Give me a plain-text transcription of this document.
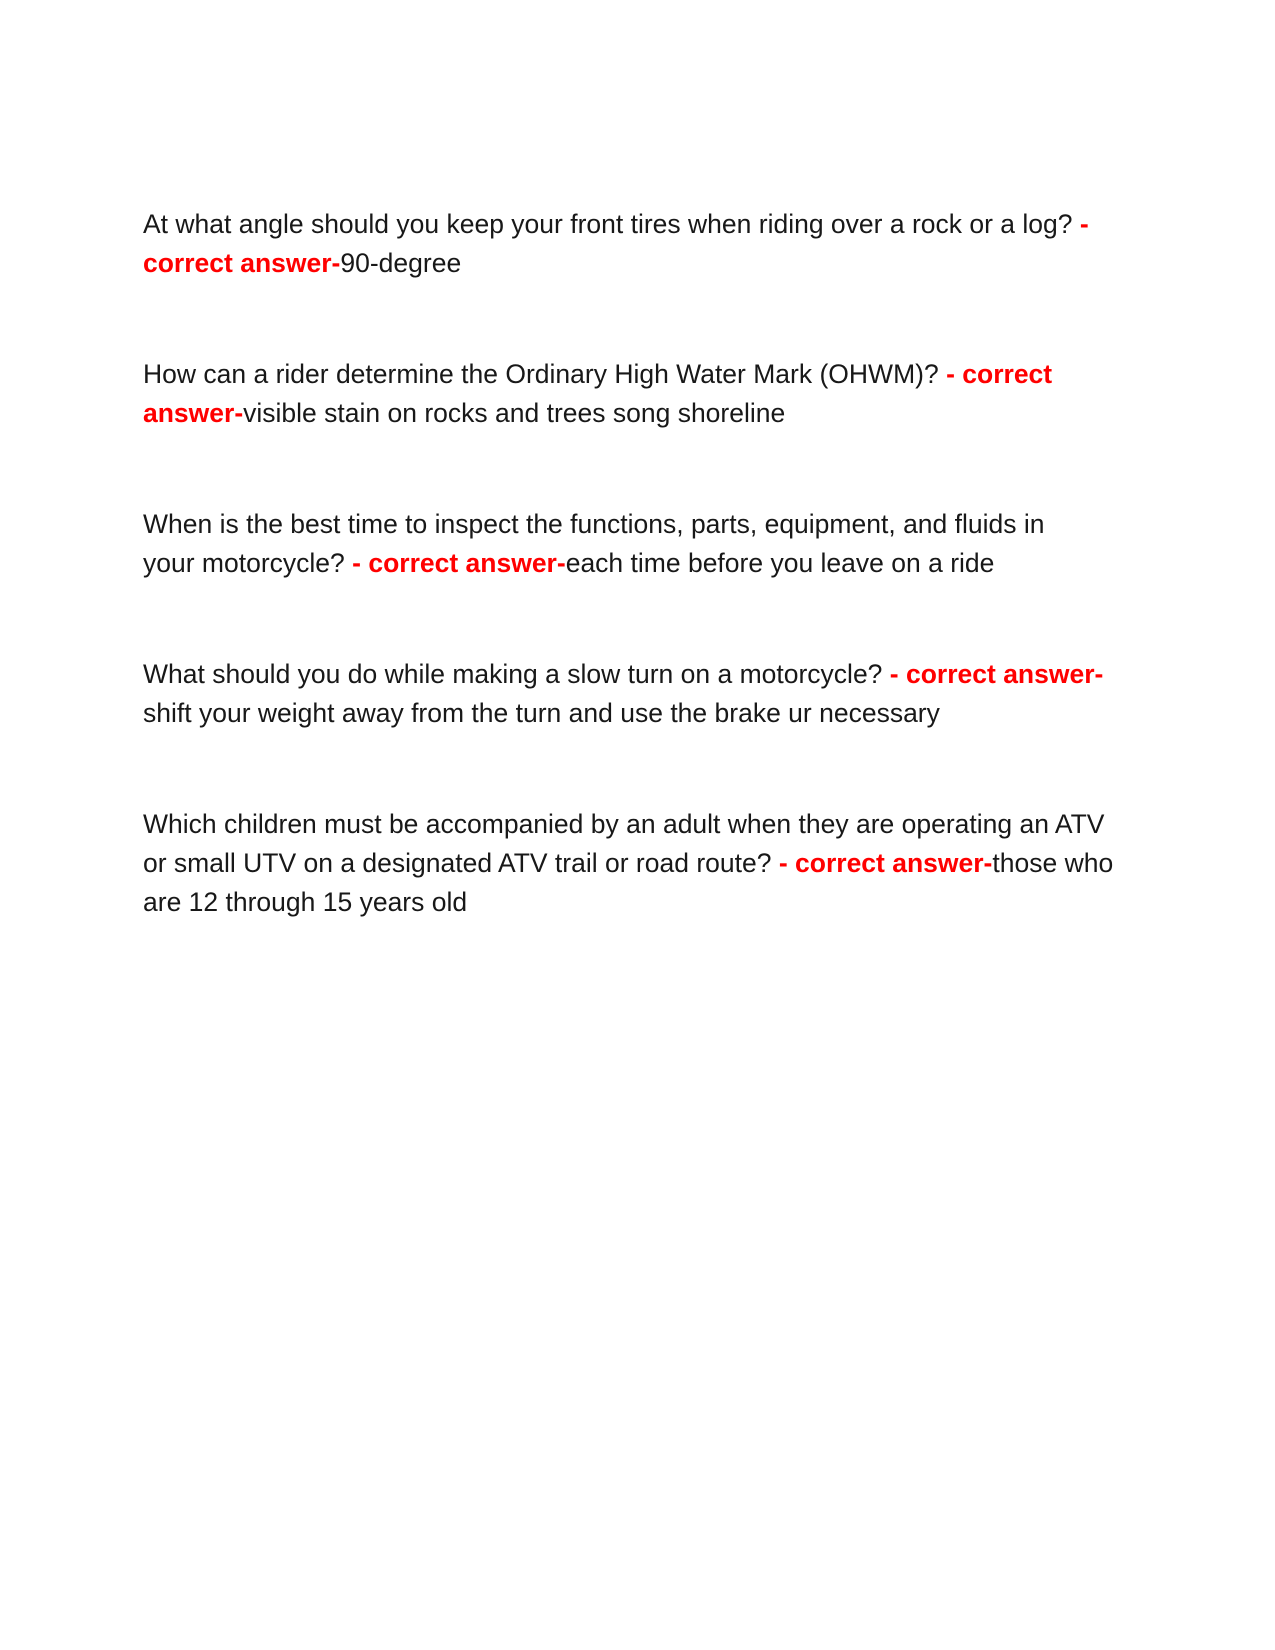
At what angle should you keep your front tires when riding over a rock or a log? -
correct answer-90-degree

How can a rider determine the Ordinary High Water Mark (OHWM)? - correct
answer-visible stain on rocks and trees song shoreline

When is the best time to inspect the functions, parts, equipment, and fluids in
your motorcycle? - correct answer-each time before you leave on a ride

What should you do while making a slow turn on a motorcycle? - correct answer-
shift your weight away from the turn and use the brake ur necessary

Which children must be accompanied by an adult when they are operating an ATV
or small UTV on a designated ATV trail or road route? - correct answer-those who
are 12 through 15 years old
